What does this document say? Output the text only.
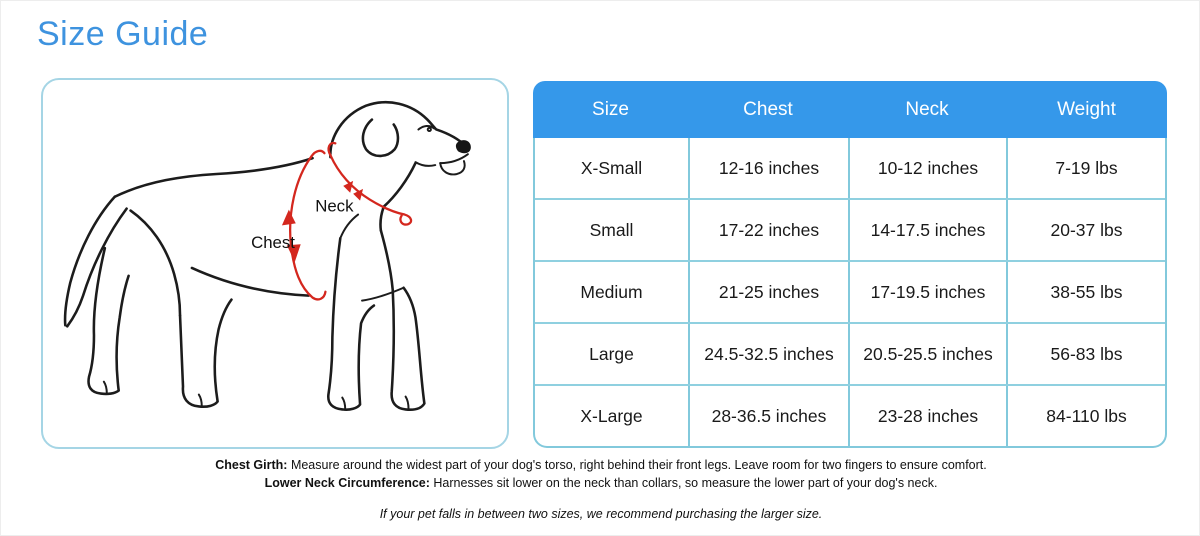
Size Guide
Neck
Chest
Size	Chest	Neck	Weight
X-Small	12-16 inches	10-12 inches	7-19 lbs
Small	17-22 inches	14-17.5 inches	20-37 lbs
Medium	21-25 inches	17-19.5 inches	38-55 lbs
Large	24.5-32.5 inches	20.5-25.5 inches	56-83 lbs
X-Large	28-36.5 inches	23-28 inches	84-110 lbs

Chest Girth: Measure around the widest part of your dog's torso, right behind their front legs. Leave room for two fingers to ensure comfort.

Lower Neck Circumference: Harnesses sit lower on the neck than collars, so measure the lower part of your dog's neck.

If your pet falls in between two sizes, we recommend purchasing the larger size.
